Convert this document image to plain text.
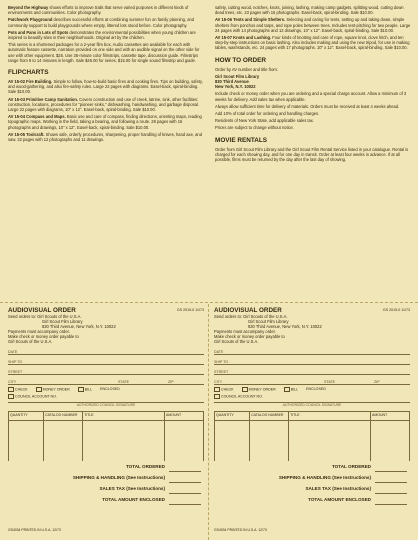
Beyond the Highway shows efforts to improve trails that serve varied purposes in different kinds of environments and communities. Color photography.

Patchwork Playground describes successful efforts at combining summer fun on family planning, and community support to build playgrounds where empty, littered lots stood before. Color photography.

Pots and Pans in Lots of Spots demonstrates the environmental possibilities when young children are inspired to beautify sites in their neighborhoods. Original art by the children.

This series is a shortened packages for a 2-year film box. Audio cassettes are available for each with automatic feature cassette, narration provided on one side and with an audible signal on the other side for use with other equipment. $25. Use 35-minute color filmstrips, cassette tape, discussion guide. Filmstrips range from 9 to 14 minutes in length. Sale $45.00 for series, $15.00 for single sound filmstrip and guide.

FLIPCHARTS

AV 15-02 Fire Building. Simple to follow, how-to-build basic fires and cooking fires. Tips on building, safety, and wood-gathering, and also fire-safety rules. Large 22 pages with diagrams. Easel-back, spiral-binding. Sale $10.00.

AV 15-03 Primitive Camp Sanitation. Covers construction and use of creek, latrine, sink, other facilities: construction, locations, procedures for "pioneer sinks," dishwashing, handwashing, and garbage disposal. Large 22 pages with diagrams, 10" x 12". Easel-back, spiral-binding. Sale $10.00.

AV 15-04 Compass and Maps. Basic use and care of compass, finding directions, orienting maps, reading topographic maps. Working in the field, taking a bearing, and following a route. 28 pages with 16 photographs and drawings, 10" x 12". Easel-back, spiral-binding. Sale $10.00.

AV 15-05 Toolcraft. Shows safe, orderly procedures, sharpening, proper handling of knives, hand axe, and saw. 22 pages with 12 photographs and 11 drawings.

safety, cutting wood, notches, knots, joining, lashing, making camp gadgets, splitting wood, cutting down dead trees, etc. 23 pages with 15 photographs. Easel-back, spiral-binding. Sale $10.00.

AV 15-06 Tents and Simple Shelters. Selecting and caring for tents, setting up and taking down, simple shelters from ponchos and tarps, and rope poles between trees. Includes tent-pitching for two people. Large 24 pages with 14 photographs and 12 drawings, 10" x 12". Easel-back, spiral-binding. Sale $10.00.

AV 15-07 Knots and Lashing. Four kinds of knotting and care of rope, square knot, clove hitch, and ten step-by-step instructions on basic lashing. Also includes making and using the new tripod, for use in making tables, washstands, etc. 24 pages with 17 photographs. 10" x 12". Easel-back, spiral-binding. Sale $10.00.

HOW TO ORDER

Order by AV number and title from:

Girl Scout Film Library
830 Third Avenue
New York, N.Y. 10022

Include check or money order when you are ordering and a special charge account. Allow a minimum of 3 weeks for delivery. Add sales tax when applicable.

Always allow sufficient time for delivery of materials. Orders must be received at least 4 weeks ahead.

Add 10% of total order for ordering and handling charges.

Residents of New York State, add applicable sales tax.

Prices are subject to change without notice.

MOVIE RENTALS

Order from Girl Scout Film Library and the Girl Scout Film Rental Service listed in your catalogue. Rental is charged for each showing day, and for one day in transit. Order at least four weeks in advance. If at all possible, films must be returned by the day after the last day of showing.

AUDIOVISUAL ORDER	GS 2019-0 11/73
Send orders to: Girl Scouts of the U.S.A.
Girl Scout Film Library
830 Third Avenue, New York, N.Y. 10022
Payments must accompany order.
Make check or money order payable to
Girl Scouts of the U.S.A.
DATE
SHIP TO
STREET
CITY	STATE	ZIP
CHECK	MONEY ORDER	BILL ENCLOSED
COUNCIL ACCOUNT NO.
AUTHORIZED COUNCIL SIGNATURE
QUANTITY	CATALOG NUMBER	TITLE	AMOUNT

TOTAL ORDERED
SHIPPING & HANDLING (See Instructions)
SALES TAX (See Instructions)
TOTAL AMOUNT ENCLOSED
GS4034 PRINTED IN U.S.A. 12/73
AUDIOVISUAL ORDER	GS 2019-0 11/73
Send orders to: Girl Scouts of the U.S.A.
Girl Scout Film Library
830 Third Avenue, New York, N.Y. 10022
Payments must accompany order.
Make check or money order payable to
Girl Scouts of the U.S.A.
DATE
SHIP TO
STREET
CITY	STATE	ZIP
CHECK	MONEY ORDER	BILL ENCLOSED
COUNCIL ACCOUNT NO.
AUTHORIZED COUNCIL SIGNATURE
QUANTITY	CATALOG NUMBER	TITLE	AMOUNT

TOTAL ORDERED
SHIPPING & HANDLING (See Instructions)
SALES TAX (See Instructions)
TOTAL AMOUNT ENCLOSED
GS4034 PRINTED IN U.S.A. 12/73
